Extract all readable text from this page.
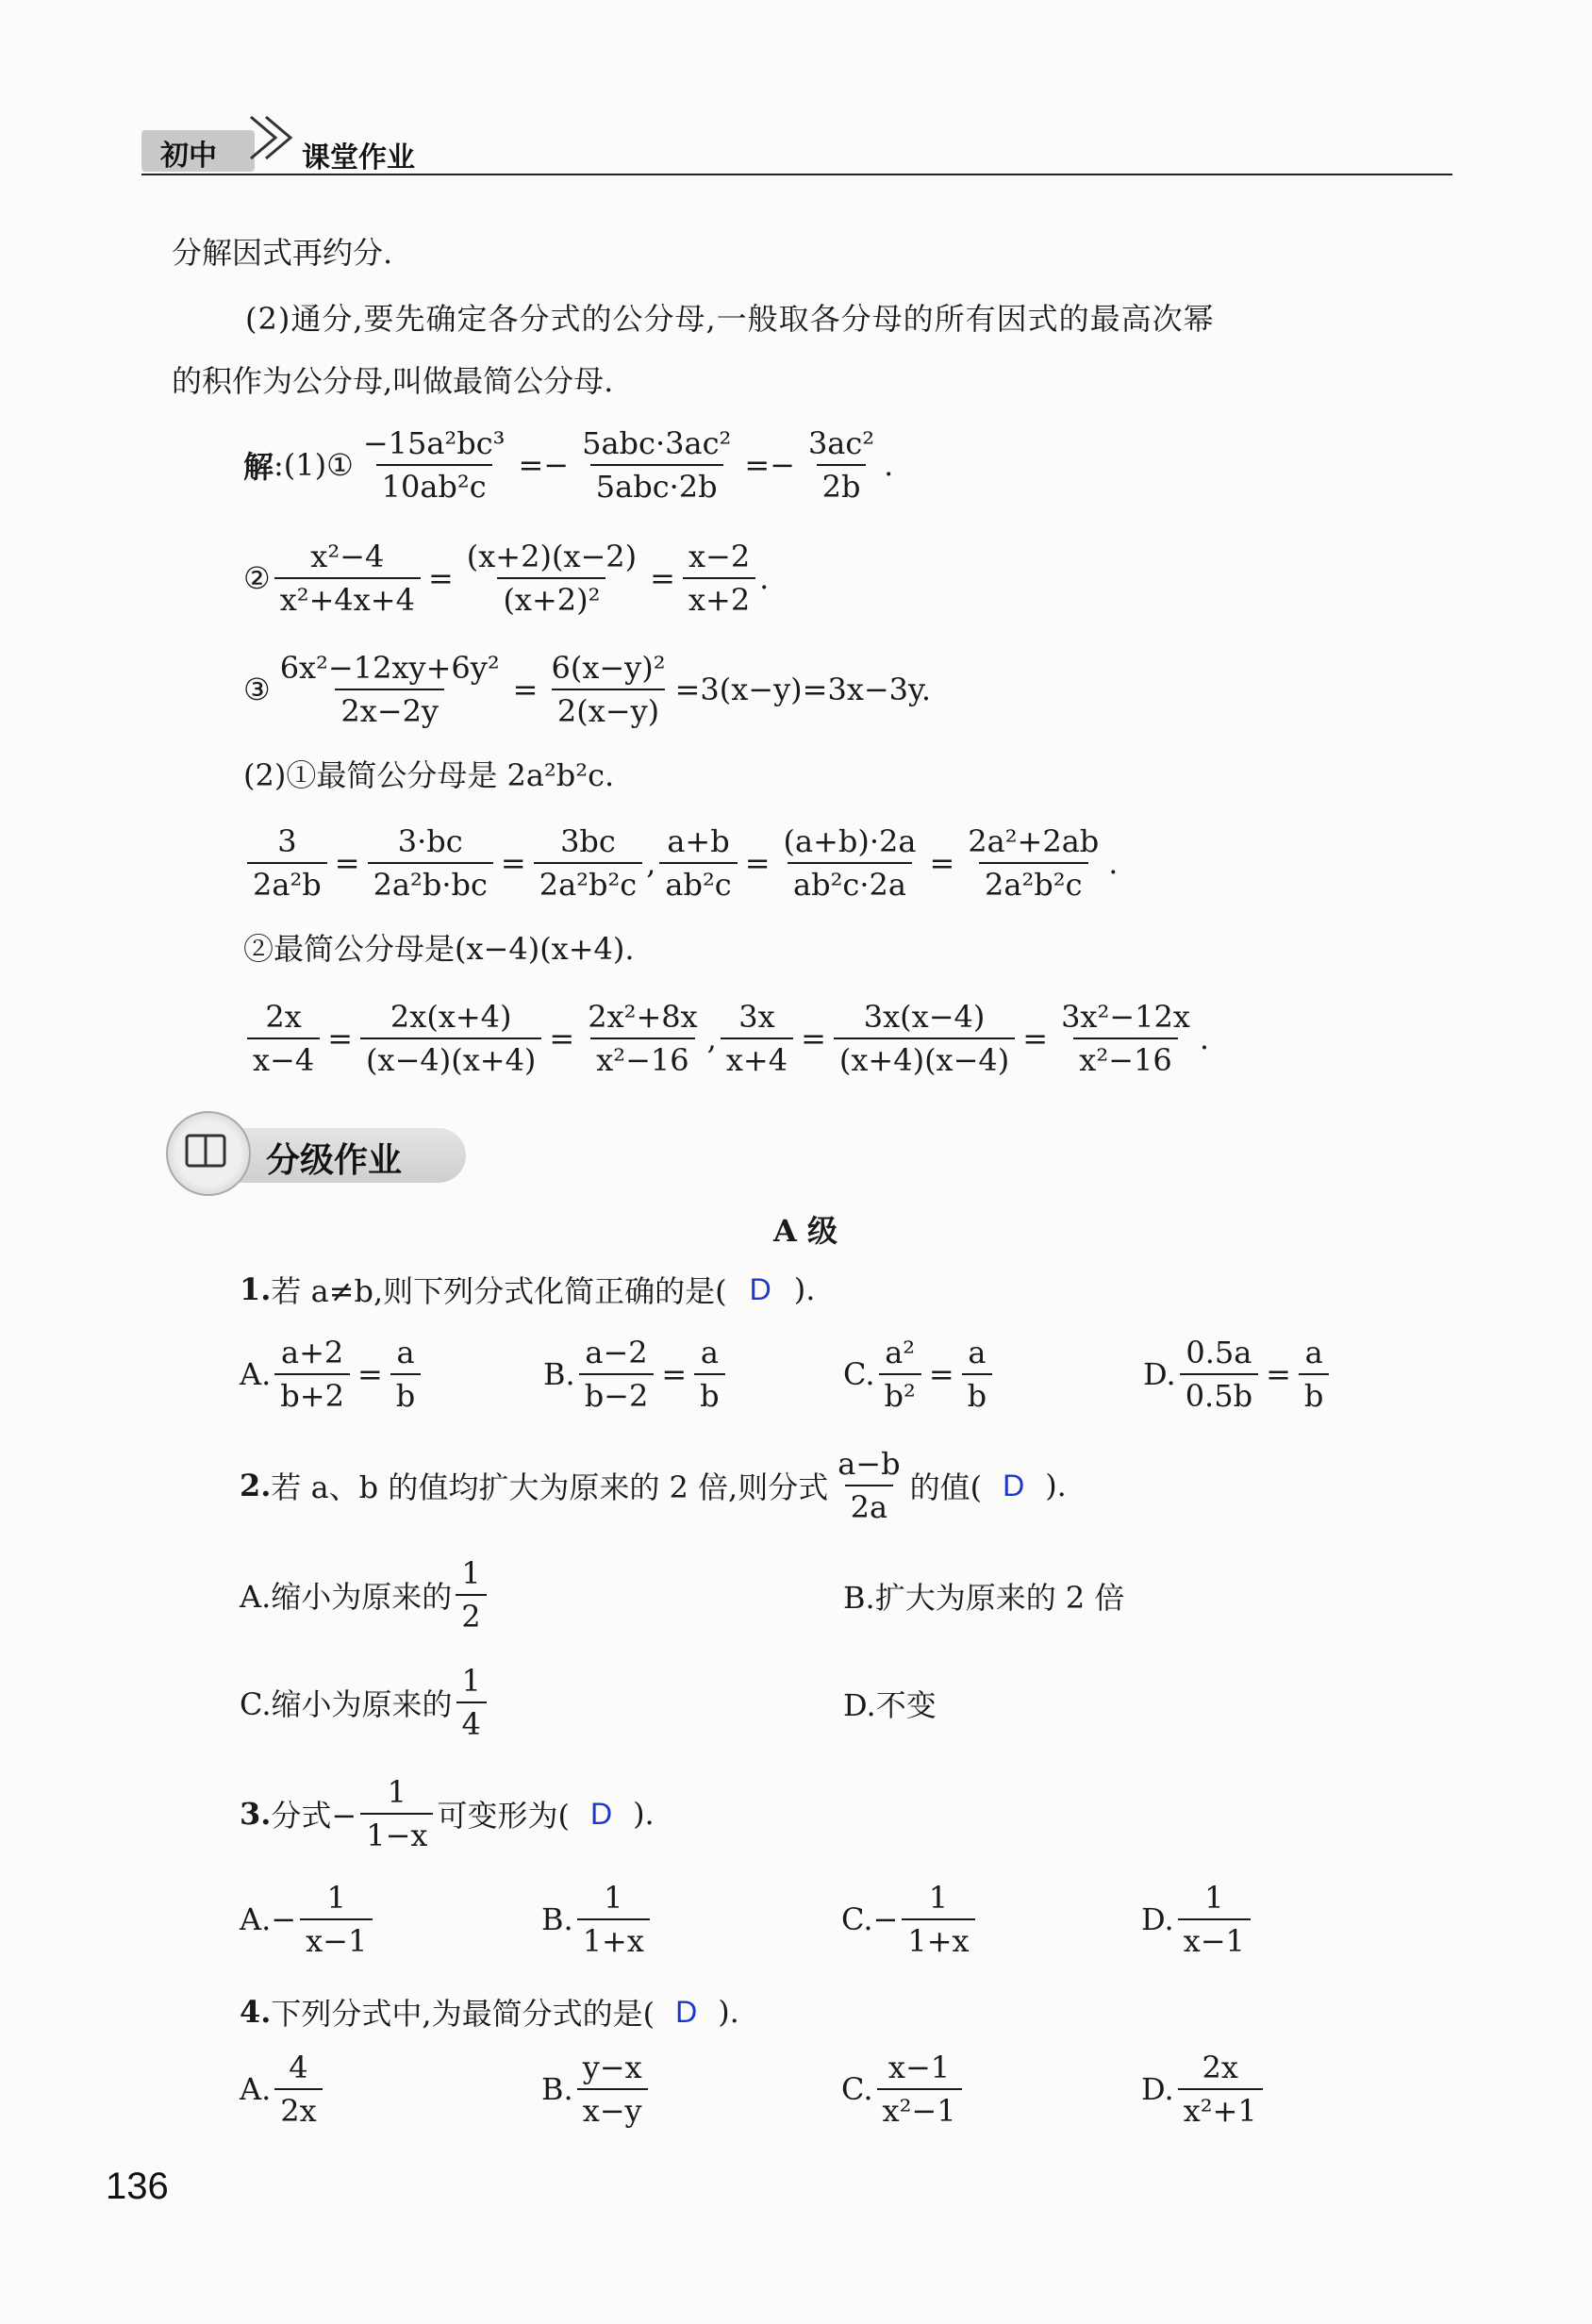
初中	课堂作业
分解因式再约分.
(2)通分,要先确定各分式的公分母,一般取各分母的所有因式的最高次幂
的积作为公分母,叫做最简公分母.
解 :(1)① $\frac{\text{−15a²bc³}}{\text{10ab²c}} =- \frac{\text{5abc·3ac²}}{\text{5abc·2b}} =- \frac{\text{3ac²}}{2b}$ .
② $\frac{\text{x²−4}}{\text{x²+4x+4}} = \frac{(x+2)(x-2)}{\text{(x+2)²}} = \frac{x-2}{x+2}$ .
③ $\frac{\text{6x²−12xy+6y²}}{2x-2y} = \frac{\text{6(x−y)²}}{2(x-y)} =3(x-y)=3x-3y$.
(2)①最简公分母是 2a²b²c.
$\frac{3}{\text{2a²b}} = \frac{3\cdot bc}{\text{2a²b·bc}} = \frac{3bc}{\text{2a²b²c}}$ , $\frac{a+b}{\text{ab²c}} = \frac{(a+b)\cdot 2a}{\text{ab²c·2a}} = \frac{\text{2a²+2ab}}{\text{2a²b²c}}$ .
②最简公分母是(x−4)(x+4).
$\frac{2x}{x-4} = \frac{2x(x+4)}{(x-4)(x+4)} = \frac{\text{2x²+8x}}{\text{x²−16}}$ , $\frac{3x}{x+4} = \frac{3x(x-4)}{(x+4)(x-4)} = \frac{\text{3x²−12x}}{\text{x²−16}}$ .
分级作业
A 级
1. 若 a≠b,则下列分式化简正确的是( D ).
A. $\frac{a+2}{b+2} = \frac{a}{b}$	B. $\frac{a-2}{b-2} = \frac{a}{b}$	C. $\frac{\text{a²}}{\text{b²}} = \frac{a}{b}$	D. $\frac{0.5a}{0.5b} = \frac{a}{b}$
2. 若 a、b 的值均扩大为原来的 2 倍,则分式 $\frac{a-b}{2a}$ 的值( D ).
A.缩小为原来的 $\frac{1}{2}$	B.扩大为原来的 2 倍
C.缩小为原来的 $\frac{1}{4}$	D.不变
3. 分式− $\frac{1}{1-x}$ 可变形为( D ).
$A.- \frac{1}{x-1}$	B. $\frac{1}{1+x}$	$C.- \frac{1}{1+x}$	D. $\frac{1}{x-1}$
4. 下列分式中,为最简分式的是( D ).
A. $\frac{4}{2x}$	B. $\frac{y-x}{x-y}$	C. $\frac{x-1}{\text{x²−1}}$	D. $\frac{2x}{\text{x²+1}}$
136
